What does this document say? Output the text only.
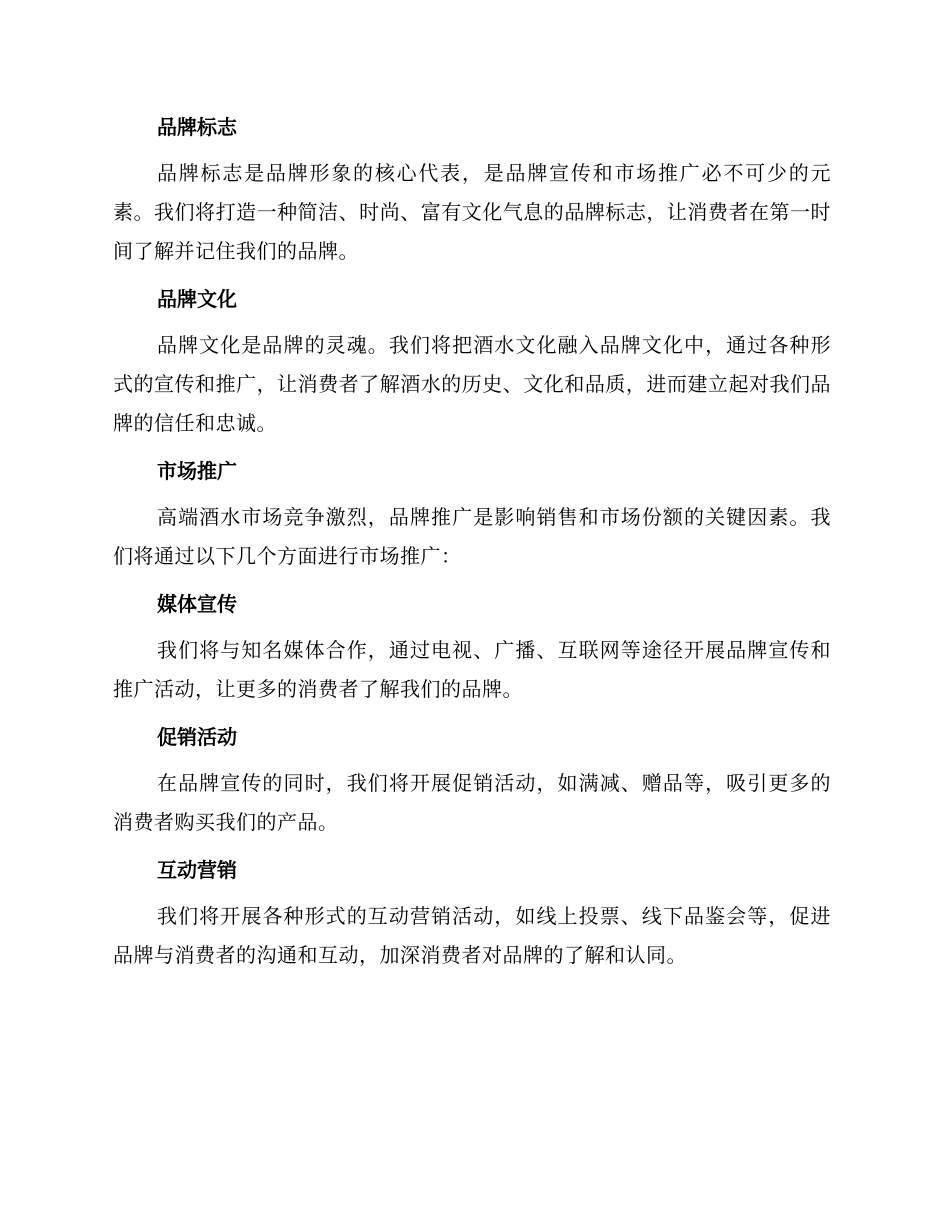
品牌标志

品牌标志是品牌形象的核心代表，是品牌宣传和市场推广必不可少的元素。我们将打造一种简洁、时尚、富有文化气息的品牌标志，让消费者在第一时间了解并记住我们的品牌。

品牌文化

品牌文化是品牌的灵魂。我们将把酒水文化融入品牌文化中，通过各种形式的宣传和推广，让消费者了解酒水的历史、文化和品质，进而建立起对我们品牌的信任和忠诚。

市场推广

高端酒水市场竞争激烈，品牌推广是影响销售和市场份额的关键因素。我们将通过以下几个方面进行市场推广：

媒体宣传

我们将与知名媒体合作，通过电视、广播、互联网等途径开展品牌宣传和推广活动，让更多的消费者了解我们的品牌。

促销活动

在品牌宣传的同时，我们将开展促销活动，如满减、赠品等，吸引更多的消费者购买我们的产品。

互动营销

我们将开展各种形式的互动营销活动，如线上投票、线下品鉴会等，促进品牌与消费者的沟通和互动，加深消费者对品牌的了解和认同。
